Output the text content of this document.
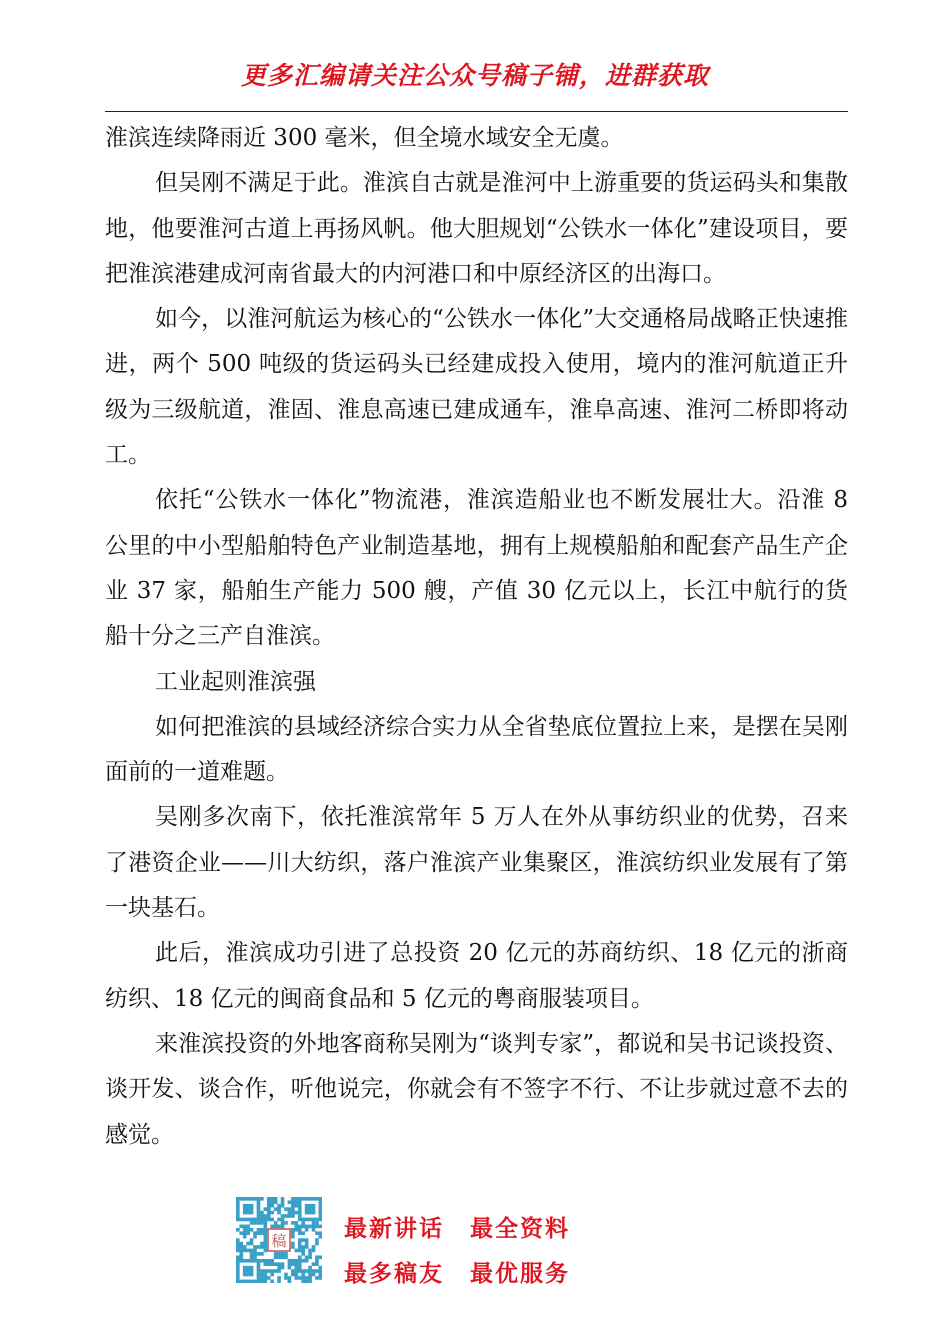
更多汇编请关注公众号稿子铺，进群获取

淮滨连续降雨近 300 毫米，但全境水域安全无虞。

但吴刚不满足于此。淮滨自古就是淮河中上游重要的货运码头和集散地，他要淮河古道上再扬风帆。他大胆规划“公铁水一体化”建设项目，要把淮滨港建成河南省最大的内河港口和中原经济区的出海口。

如今，以淮河航运为核心的“公铁水一体化”大交通格局战略正快速推进，两个 500 吨级的货运码头已经建成投入使用，境内的淮河航道正升级为三级航道，淮固、淮息高速已建成通车，淮阜高速、淮河二桥即将动工。

依托“公铁水一体化”物流港，淮滨造船业也不断发展壮大。沿淮 8 公里的中小型船舶特色产业制造基地，拥有上规模船舶和配套产品生产企业 37 家，船舶生产能力 500 艘，产值 30 亿元以上，长江中航行的货船十分之三产自淮滨。

工业起则淮滨强

如何把淮滨的县域经济综合实力从全省垫底位置拉上来，是摆在吴刚面前的一道难题。

吴刚多次南下，依托淮滨常年 5 万人在外从事纺织业的优势，召来了港资企业——川大纺织，落户淮滨产业集聚区，淮滨纺织业发展有了第一块基石。

此后，淮滨成功引进了总投资 20 亿元的苏商纺织、18 亿元的浙商纺织、18 亿元的闽商食品和 5 亿元的粤商服装项目。

来淮滨投资的外地客商称吴刚为“谈判专家”，都说和吴书记谈投资、谈开发、谈合作，听他说完，你就会有不签字不行、不让步就过意不去的感觉。

稿 最新讲话 最全资料
最多稿友 最优服务
